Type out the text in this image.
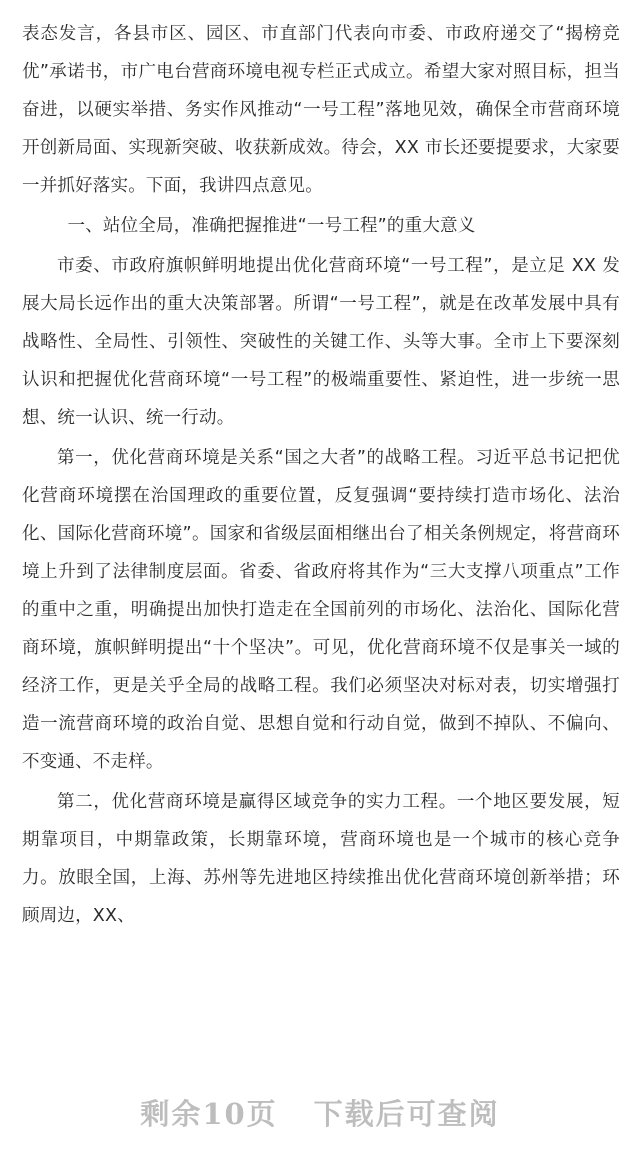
表态发言，各县市区、园区、市直部门代表向市委、市政府递交了“揭榜竞优”承诺书，市广电台营商环境电视专栏正式成立。希望大家对照目标，担当奋进，以硬实举措、务实作风推动“一号工程”落地见效，确保全市营商环境开创新局面、实现新突破、收获新成效。待会，XX 市长还要提要求，大家要一并抓好落实。下面，我讲四点意见。

一、站位全局，准确把握推进“一号工程”的重大意义

市委、市政府旗帜鲜明地提出优化营商环境“一号工程”，是立足 XX 发展大局长远作出的重大决策部署。所谓“一号工程”，就是在改革发展中具有战略性、全局性、引领性、突破性的关键工作、头等大事。全市上下要深刻认识和把握优化营商环境“一号工程”的极端重要性、紧迫性，进一步统一思想、统一认识、统一行动。

第一，优化营商环境是关系“国之大者”的战略工程。习近平总书记把优化营商环境摆在治国理政的重要位置，反复强调“要持续打造市场化、法治化、国际化营商环境”。国家和省级层面相继出台了相关条例规定，将营商环境上升到了法律制度层面。省委、省政府将其作为“三大支撑八项重点”工作的重中之重，明确提出加快打造走在全国前列的市场化、法治化、国际化营商环境，旗帜鲜明提出“十个坚决”。可见，优化营商环境不仅是事关一域的经济工作，更是关乎全局的战略工程。我们必须坚决对标对表，切实增强打造一流营商环境的政治自觉、思想自觉和行动自觉，做到不掉队、不偏向、不变通、不走样。

第二，优化营商环境是赢得区域竞争的实力工程。一个地区要发展，短期靠项目，中期靠政策，长期靠环境，营商环境也是一个城市的核心竞争力。放眼全国，上海、苏州等先进地区持续推出优化营商环境创新举措；环顾周边，XX、

剩余10页 下载后可查阅
